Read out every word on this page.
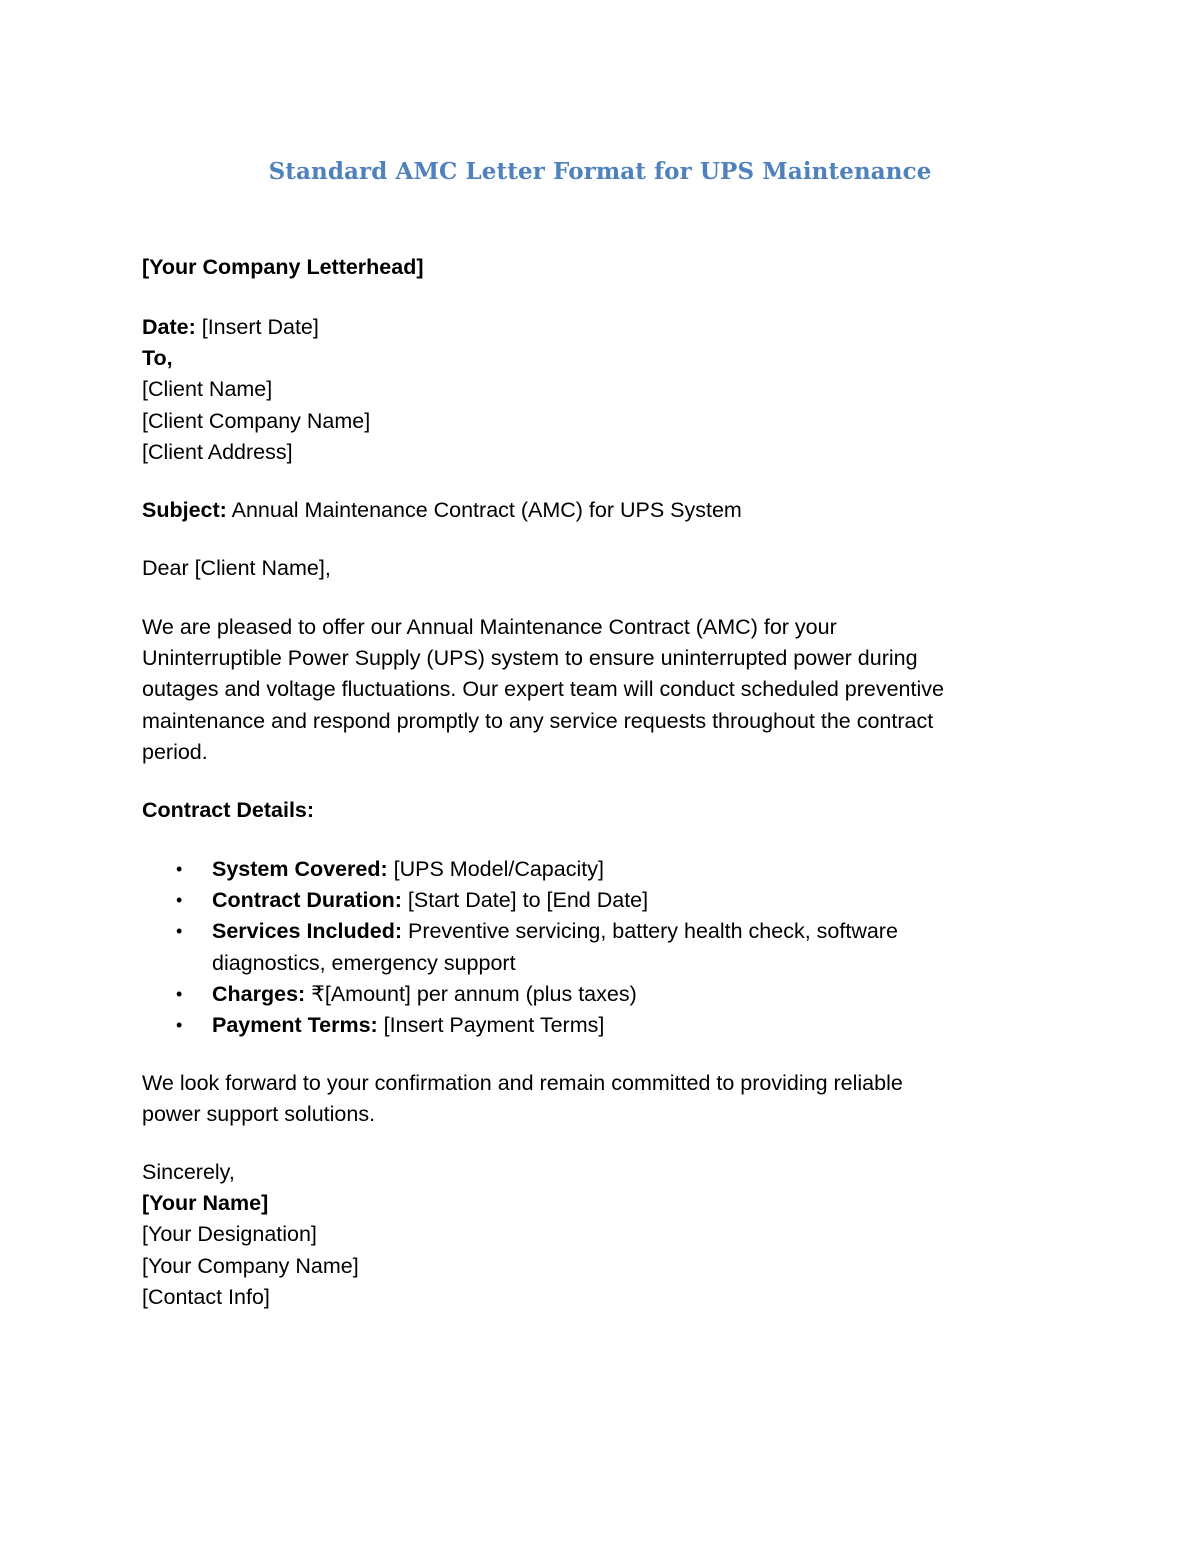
Standard AMC Letter Format for UPS Maintenance
[Your Company Letterhead]
Date: [Insert Date]
To,
[Client Name]
[Client Company Name]
[Client Address]
Subject: Annual Maintenance Contract (AMC) for UPS System
Dear [Client Name],
We are pleased to offer our Annual Maintenance Contract (AMC) for your
Uninterruptible Power Supply (UPS) system to ensure uninterrupted power during
outages and voltage fluctuations. Our expert team will conduct scheduled preventive
maintenance and respond promptly to any service requests throughout the contract
period.
Contract Details:
• System Covered: [UPS Model/Capacity]
• Contract Duration: [Start Date] to [End Date]
• Services Included: Preventive servicing, battery health check, software
diagnostics, emergency support
• Charges: ₹[Amount] per annum (plus taxes)
• Payment Terms: [Insert Payment Terms]
We look forward to your confirmation and remain committed to providing reliable
power support solutions.
Sincerely,
[Your Name]
[Your Designation]
[Your Company Name]
[Contact Info]
